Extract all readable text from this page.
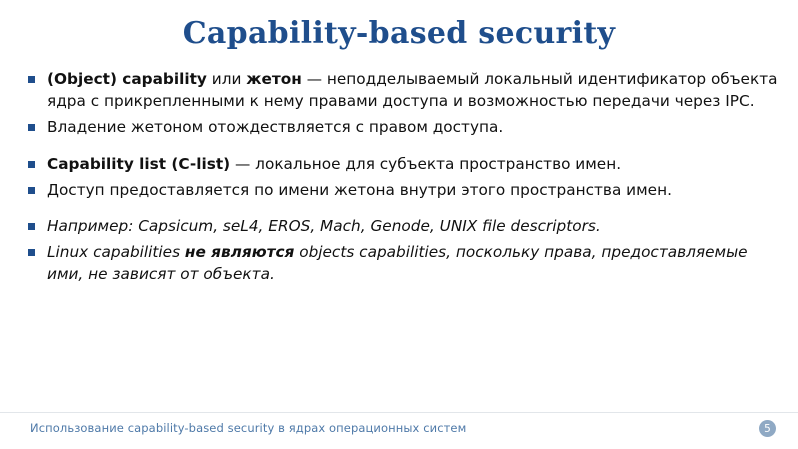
Capability-based security
(Object) capability или жетон — неподделываемый локальный идентификатор объекта ядра с прикрепленными к нему правами доступа и возможностью передачи через IPC.
Владение жетоном отождествляется с правом доступа.
Capability list (C-list) — локальное для субъекта пространство имен.
Доступ предоставляется по имени жетона внутри этого пространства имен.
Например: Capsicum, seL4, EROS, Mach, Genode, UNIX file descriptors.
Linux capabilities не являются objects capabilities, поскольку права, предоставляемые ими, не зависят от объекта.
Использование capability-based security в ядрах операционных систем	5
